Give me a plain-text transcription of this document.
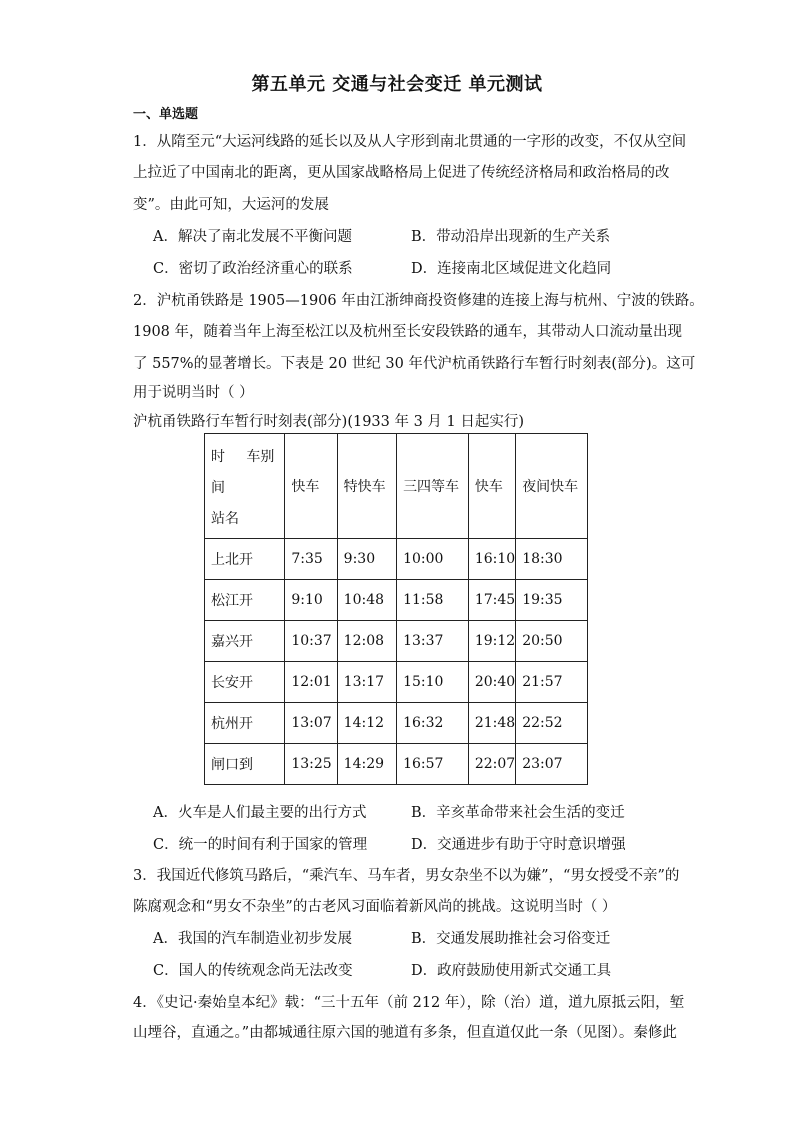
第五单元 交通与社会变迁 单元测试
一、单选题
1．从隋至元“大运河线路的延长以及从人字形到南北贯通的一字形的改变，不仅从空间
上拉近了中国南北的距离，更从国家战略格局上促进了传统经济格局和政治格局的改
变”。由此可知，大运河的发展
A．解决了南北发展不平衡问题	B．带动沿岸出现新的生产关系
C．密切了政治经济重心的联系	D．连接南北区域促进文化趋同
2．沪杭甬铁路是 1905—1906 年由江浙绅商投资修建的连接上海与杭州、宁波的铁路。
1908 年，随着当年上海至松江以及杭州至长安段铁路的通车，其带动人口流动量出现
了 557%的显著增长。下表是 20 世纪 30 年代沪杭甬铁路行车暂行时刻表(部分)。这可
用于说明当时（ ）
沪杭甬铁路行车暂行时刻表(部分)(1933 年 3 月 1 日起实行)
时 车别
间
站名	快车	特快车	三四等车	快车	夜间快车
上北开	7:35	9:30	10:00	16:10	18:30
松江开	9:10	10:48	11:58	17:45	19:35
嘉兴开	10:37	12:08	13:37	19:12	20:50
长安开	12:01	13:17	15:10	20:40	21:57
杭州开	13:07	14:12	16:32	21:48	22:52
闸口到	13:25	14:29	16:57	22:07	23:07
A．火车是人们最主要的出行方式	B．辛亥革命带来社会生活的变迁
C．统一的时间有利于国家的管理	D．交通进步有助于守时意识增强
3．我国近代修筑马路后，“乘汽车、马车者，男女杂坐不以为嫌”，“男女授受不亲”的
陈腐观念和“男女不杂坐”的古老风习面临着新风尚的挑战。这说明当时（ ）
A．我国的汽车制造业初步发展	B．交通发展助推社会习俗变迁
C．国人的传统观念尚无法改变	D．政府鼓励使用新式交通工具
4．《史记·秦始皇本纪》载：“三十五年（前 212 年），除（治）道，道九原抵云阳，堑
山堙谷，直通之。”由都城通往原六国的驰道有多条，但直道仅此一条（见图）。秦修此
